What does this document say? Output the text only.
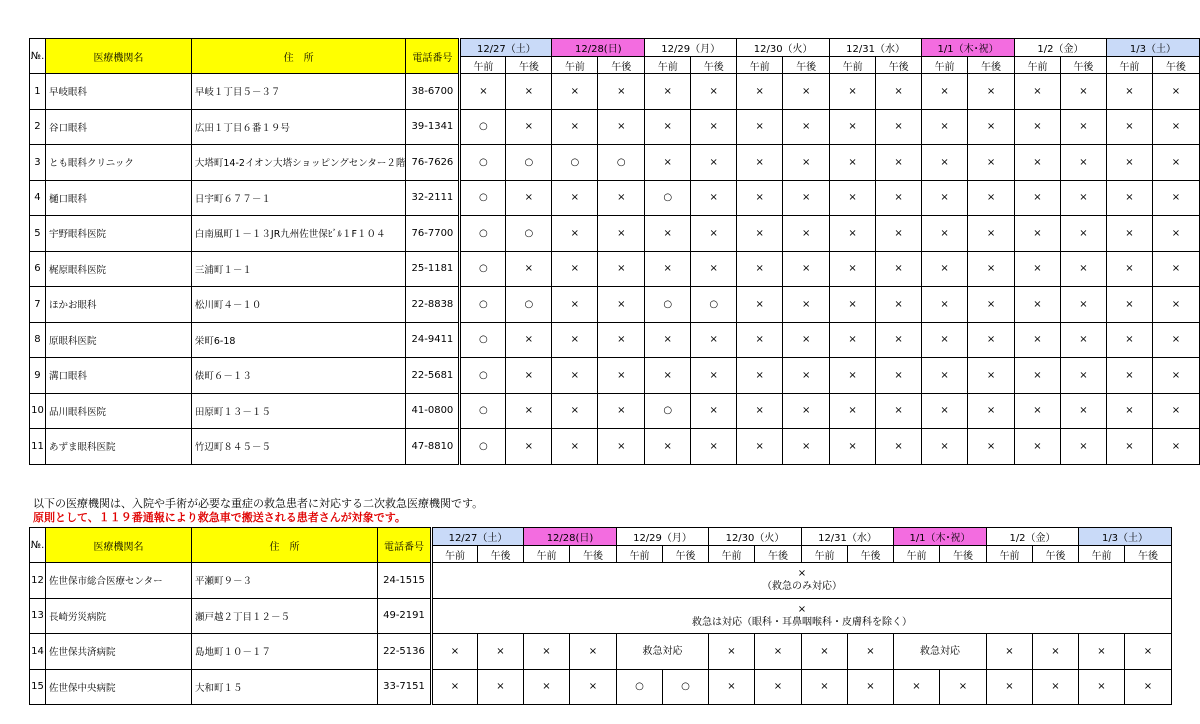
№.	医療機関名	住　所	電話番号	12/27（土）		12/28(日)		12/29（月）		12/30（火）		12/31（水）		1/1（木･祝）		1/2（金）		1/3（土）	
				午前	午後	午前	午後	午前	午後	午前	午後	午前	午後	午前	午後	午前	午後	午前	午後
1	早岐眼科	早岐１丁目５－３７	38-6700	×	×	×	×	×	×	×	×	×	×	×	×	×	×	×	×
2	谷口眼科	広田１丁目６番１９号	39-1341	○	×	×	×	×	×	×	×	×	×	×	×	×	×	×	×
3	とも眼科クリニック	大塔町14-2イオン大塔ショッピングセンター２階	76-7626	○	○	○	○	×	×	×	×	×	×	×	×	×	×	×	×
4	樋口眼科	日宇町６７７－１	32-2111	○	×	×	×	○	×	×	×	×	×	×	×	×	×	×	×
5	宇野眼科医院	白南風町１－１３JR九州佐世保ﾋﾞﾙ１F１０４	76-7700	○	○	×	×	×	×	×	×	×	×	×	×	×	×	×	×
6	梶原眼科医院	三浦町１－１	25-1181	○	×	×	×	×	×	×	×	×	×	×	×	×	×	×	×
7	ほかお眼科	松川町４－１０	22-8838	○	○	×	×	○	○	×	×	×	×	×	×	×	×	×	×
8	原眼科医院	栄町6-18	24-9411	○	×	×	×	×	×	×	×	×	×	×	×	×	×	×	×
9	溝口眼科	俵町６－１３	22-5681	○	×	×	×	×	×	×	×	×	×	×	×	×	×	×	×
10	品川眼科医院	田原町１３－１５	41-0800	○	×	×	×	○	×	×	×	×	×	×	×	×	×	×	×
11	あずま眼科医院	竹辺町８４５－５	47-8810	○	×	×	×	×	×	×	×	×	×	×	×	×	×	×	×
以下の医療機関は、入院や手術が必要な重症の救急患者に対応する二次救急医療機関です。
原則として、１１９番通報により救急車で搬送される患者さんが対象です。
№.	医療機関名	住　所	電話番号	12/27（土）		12/28(日)		12/29（月）		12/30（火）		12/31（水）		1/1（木･祝）		1/2（金）		1/3（土）	
				午前	午後	午前	午後	午前	午後	午前	午後	午前	午後	午前	午後	午前	午後	午前	午後
12	佐世保市総合医療センター	平瀬町９－３	24-1515	×
（救急のみ対応）															

13	長崎労災病院	瀬戸越２丁目１２－５	49-2191	×
救急は対応（眼科・耳鼻咽喉科・皮膚科を除く）															

14	佐世保共済病院	島地町１０－１７	22-5136	×	×	×	×	救急対応		×	×	×	×	救急対応		×	×	×	×
15	佐世保中央病院	大和町１５	33-7151	×	×	×	×	○	○	×	×	×	×	×	×	×	×	×	×
